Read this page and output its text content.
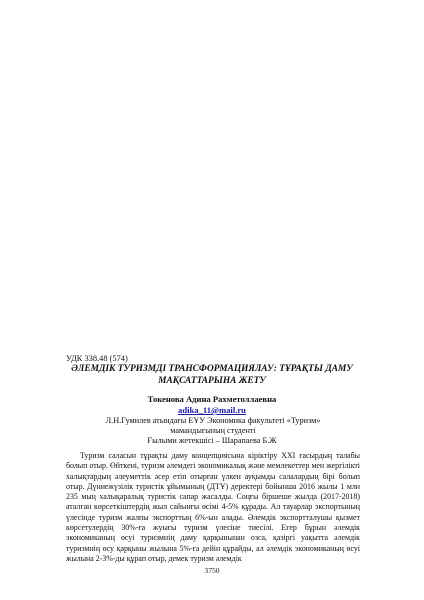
УДК 338.48 (574)
ӘЛЕМДІК ТУРИЗМДІ ТРАНСФОРМАЦИЯЛАУ: ТҰРАҚТЫ ДАМУ МАҚСАТТАРЫНА ЖЕТУ
Токенова Адина Рахметоллаевна
adika_11@mail.ru
Л.Н.Гумилев атындағы ЕҰУ Экономика факультеті «Туризм» мамандығының студенті
Ғылыми жетекшісі – Шарапаева Б.Ж

Туризм саласын тұрақты даму концепциясына кіріктіру XXI ғасырдың талабы болып отыр. Өйткені, туризм әлемдегі экономикалық және мемлекеттер мен жергілікті халықтардың әлеуметтік әсер етіп отырған үлкен ауқымды салалардың бірі болып отыр. Дүниежүзілік туристік ұйымының (ДТҰ) деректері бойынша 2016 жылы 1 млн 235 мың халықаралық туристік сапар жасалды. Соңғы біршеше жылда (2017-2018) аталған көрсеткіштердің жыл сайынғы өсімі 4-5% құрады. Ал тауарлар экспортының үлесінде туризм жалпы экспорттың 6%-ын алады. Әлемдік экспортталушы қызмет көрсетулердің 30%-ға жуығы туризм үлесіне тиесілі. Егер бұрын әлемдік экономиканың өсуі туризмнің даму қарқынынан озса, қазіргі уақытта әлемдік туризмнің өсу қарқыны жылына 5%-ға дейін құрайды, ал әлемдік экономиканың өсуі жылына 2-3%-ды құрап отыр, демек туризм әлемдік

3750
